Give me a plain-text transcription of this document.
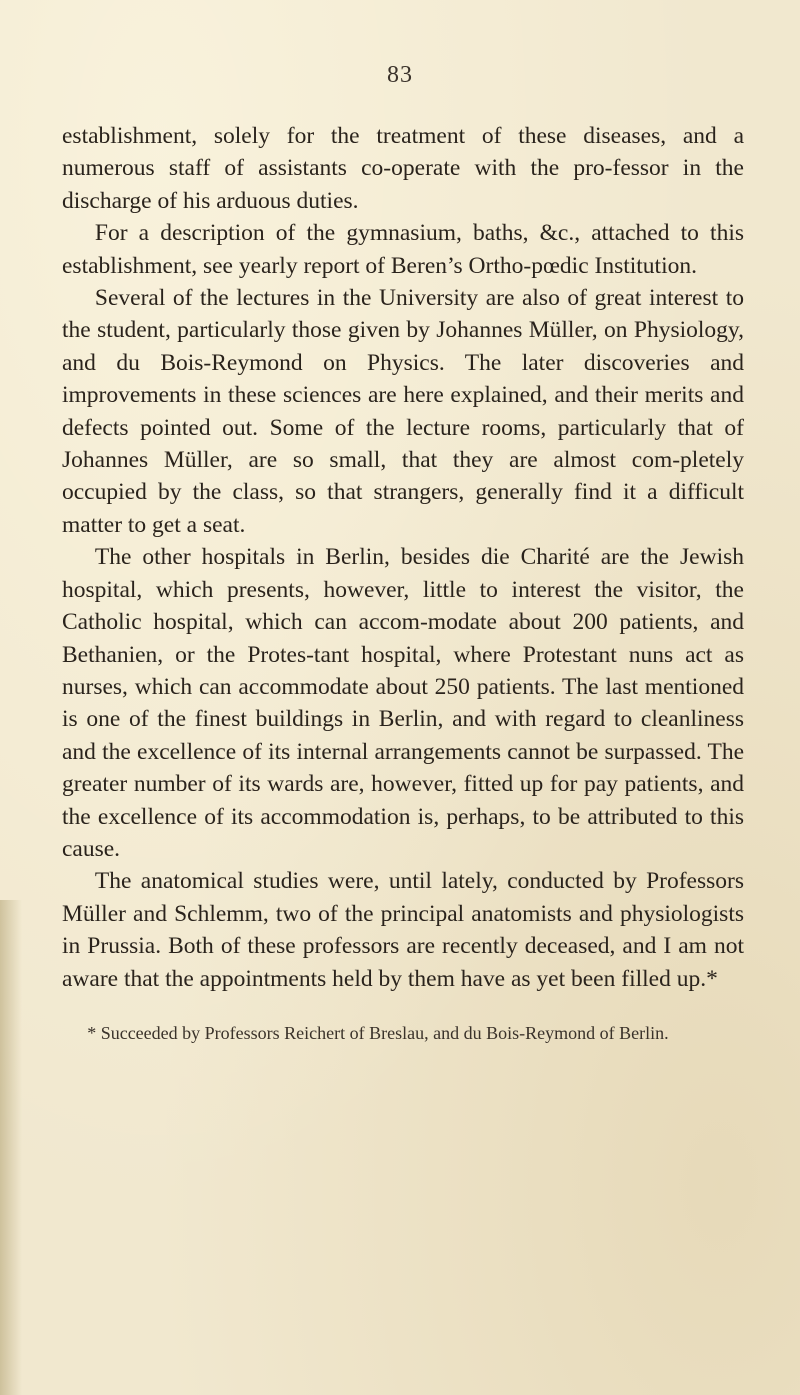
83

establishment, solely for the treatment of these diseases, and a numerous staff of assistants co-operate with the pro-fessor in the discharge of his arduous duties.

For a description of the gymnasium, baths, &c., attached to this establishment, see yearly report of Beren’s Ortho-pœdic Institution.

Several of the lectures in the University are also of great interest to the student, particularly those given by Johannes Müller, on Physiology, and du Bois-Reymond on Physics. The later discoveries and improvements in these sciences are here explained, and their merits and defects pointed out. Some of the lecture rooms, particularly that of Johannes Müller, are so small, that they are almost com-pletely occupied by the class, so that strangers, generally find it a difficult matter to get a seat.

The other hospitals in Berlin, besides die Charité are the Jewish hospital, which presents, however, little to interest the visitor, the Catholic hospital, which can accom-modate about 200 patients, and Bethanien, or the Protes-tant hospital, where Protestant nuns act as nurses, which can accommodate about 250 patients. The last mentioned is one of the finest buildings in Berlin, and with regard to cleanliness and the excellence of its internal arrangements cannot be surpassed. The greater number of its wards are, however, fitted up for pay patients, and the excellence of its accommodation is, perhaps, to be attributed to this cause.

The anatomical studies were, until lately, conducted by Professors Müller and Schlemm, two of the principal anatomists and physiologists in Prussia. Both of these professors are recently deceased, and I am not aware that the appointments held by them have as yet been filled up.*

* Succeeded by Professors Reichert of Breslau, and du Bois-Reymond of Berlin.
